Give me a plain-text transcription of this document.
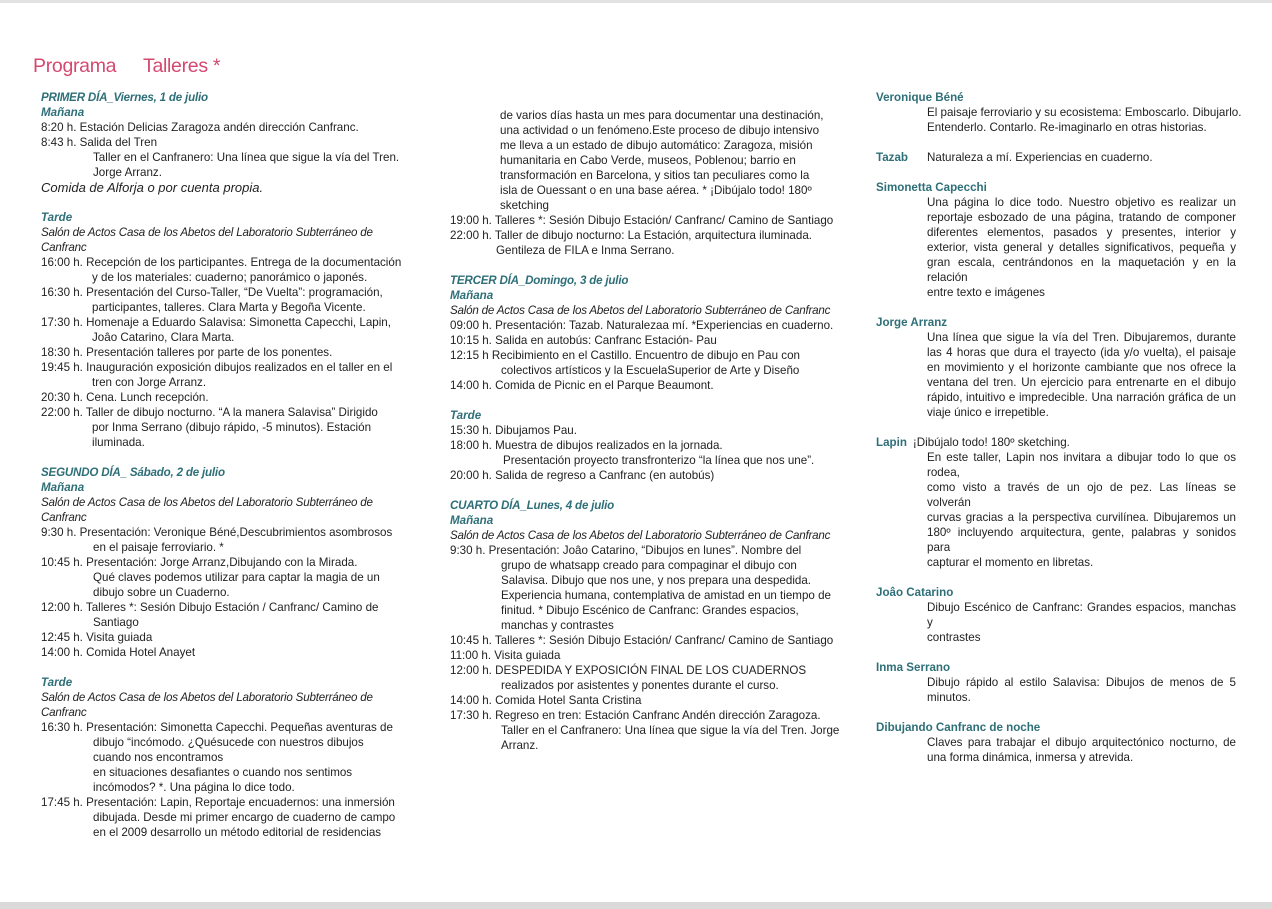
Programa Talleres *
PRIMER DÍA_Viernes, 1 de julio
Mañana
8:20 h. Estación Delicias Zaragoza andén dirección Canfranc.
8:43 h. Salida del Tren
Taller en el Canfranero: Una línea que sigue la vía del Tren.
Jorge Arranz.
Comida de Alforja o por cuenta propia.
Tarde
Salón de Actos Casa de los Abetos del Laboratorio Subterráneo de
Canfranc
16:00 h. Recepción de los participantes. Entrega de la documentación
y de los materiales: cuaderno; panorámico o japonés.
16:30 h. Presentación del Curso-Taller, “De Vuelta”: programación,
participantes, talleres. Clara Marta y Begoña Vicente.
17:30 h. Homenaje a Eduardo Salavisa: Simonetta Capecchi, Lapin,
Joâo Catarino, Clara Marta.
18:30 h. Presentación talleres por parte de los ponentes.
19:45 h. Inauguración exposición dibujos realizados en el taller en el
tren con Jorge Arranz.
20:30 h. Cena. Lunch recepción.
22:00 h. Taller de dibujo nocturno. “A la manera Salavisa” Dirigido
por Inma Serrano (dibujo rápido, -5 minutos). Estación
iluminada.
SEGUNDO DÍA_ Sábado, 2 de julio
Mañana
Salón de Actos Casa de los Abetos del Laboratorio Subterráneo de
Canfranc
9:30 h. Presentación: Veronique Béné,Descubrimientos asombrosos
en el paisaje ferroviario. *
10:45 h. Presentación: Jorge Arranz,Dibujando con la Mirada.
Qué claves podemos utilizar para captar la magia de un
dibujo sobre un Cuaderno.
12:00 h. Talleres *: Sesión Dibujo Estación / Canfranc/ Camino de
Santiago
12:45 h. Visita guiada
14:00 h. Comida Hotel Anayet
Tarde
Salón de Actos Casa de los Abetos del Laboratorio Subterráneo de
Canfranc
16:30 h. Presentación: Simonetta Capecchi. Pequeñas aventuras de
dibujo “incómodo. ¿Quésucede con nuestros dibujos
cuando nos encontramos
en situaciones desafiantes o cuando nos sentimos
incómodos? *. Una página lo dice todo.
17:45 h. Presentación: Lapin, Reportaje encuadernos: una inmersión
dibujada. Desde mi primer encargo de cuaderno de campo
en el 2009 desarrollo un método editorial de residencias
de varios días hasta un mes para documentar una destinación,
una actividad o un fenómeno.Este proceso de dibujo intensivo
me lleva a un estado de dibujo automático: Zaragoza, misión
humanitaria en Cabo Verde, museos, Poblenou; barrio en
transformación en Barcelona, y sitios tan peculiares como la
isla de Ouessant o en una base aérea. * ¡Dibújalo todo! 180º
sketching
19:00 h. Talleres *: Sesión Dibujo Estación/ Canfranc/ Camino de Santiago
22:00 h. Taller de dibujo nocturno: La Estación, arquitectura iluminada.
Gentileza de FILA e Inma Serrano.
TERCER DÍA_Domingo, 3 de julio
Mañana
Salón de Actos Casa de los Abetos del Laboratorio Subterráneo de Canfranc
09:00 h. Presentación: Tazab. Naturalezaa mí. *Experiencias en cuaderno.
10:15 h. Salida en autobús: Canfranc Estación- Pau
12:15 h Recibimiento en el Castillo. Encuentro de dibujo en Pau con
colectivos artísticos y la EscuelaSuperior de Arte y Diseño
14:00 h. Comida de Picnic en el Parque Beaumont.
Tarde
15:30 h. Dibujamos Pau.
18:00 h. Muestra de dibujos realizados en la jornada.
Presentación proyecto transfronterizo “la línea que nos une”.
20:00 h. Salida de regreso a Canfranc (en autobús)
CUARTO DÍA_Lunes, 4 de julio
Mañana
Salón de Actos Casa de los Abetos del Laboratorio Subterráneo de Canfranc
9:30 h. Presentación: Joâo Catarino, “Dibujos en lunes”. Nombre del
grupo de whatsapp creado para compaginar el dibujo con
Salavisa. Dibujo que nos une, y nos prepara una despedida.
Experiencia humana, contemplativa de amistad en un tiempo de
finitud. * Dibujo Escénico de Canfranc: Grandes espacios,
manchas y contrastes
10:45 h. Talleres *: Sesión Dibujo Estación/ Canfranc/ Camino de Santiago
11:00 h. Visita guiada
12:00 h. DESPEDIDA Y EXPOSICIÓN FINAL DE LOS CUADERNOS
realizados por asistentes y ponentes durante el curso.
14:00 h. Comida Hotel Santa Cristina
17:30 h. Regreso en tren: Estación Canfranc Andén dirección Zaragoza.
Taller en el Canfranero: Una línea que sigue la vía del Tren. Jorge
Arranz.
Veronique Béné
El paisaje ferroviario y su ecosistema: Emboscarlo. Dibujarlo.
Entenderlo. Contarlo. Re-imaginarlo en otras historias.
Tazab Naturaleza a mí. Experiencias en cuaderno.
Simonetta Capecchi
Una página lo dice todo. Nuestro objetivo es realizar un
reportaje esbozado de una página, tratando de componer
diferentes elementos, pasados y presentes, interior y
exterior, vista general y detalles significativos, pequeña y
gran escala, centrándonos en la maquetación y en la relación
entre texto e imágenes
Jorge Arranz
Una línea que sigue la vía del Tren. Dibujaremos, durante
las 4 horas que dura el trayecto (ida y/o vuelta), el paisaje
en movimiento y el horizonte cambiante que nos ofrece la
ventana del tren. Un ejercicio para entrenarte en el dibujo
rápido, intuitivo e impredecible. Una narración gráfica de un
viaje único e irrepetible.
Lapin ¡Dibújalo todo! 180º sketching.
En este taller, Lapin nos invitara a dibujar todo lo que os rodea,
como visto a través de un ojo de pez. Las líneas se volverán
curvas gracias a la perspectiva curvilínea. Dibujaremos un
180º incluyendo arquitectura, gente, palabras y sonidos para
capturar el momento en libretas.
Joâo Catarino
Dibujo Escénico de Canfranc: Grandes espacios, manchas y
contrastes
Inma Serrano
Dibujo rápido al estilo Salavisa: Dibujos de menos de 5
minutos.
Dibujando Canfranc de noche
Claves para trabajar el dibujo arquitectónico nocturno, de
una forma dinámica, inmersa y atrevida.
